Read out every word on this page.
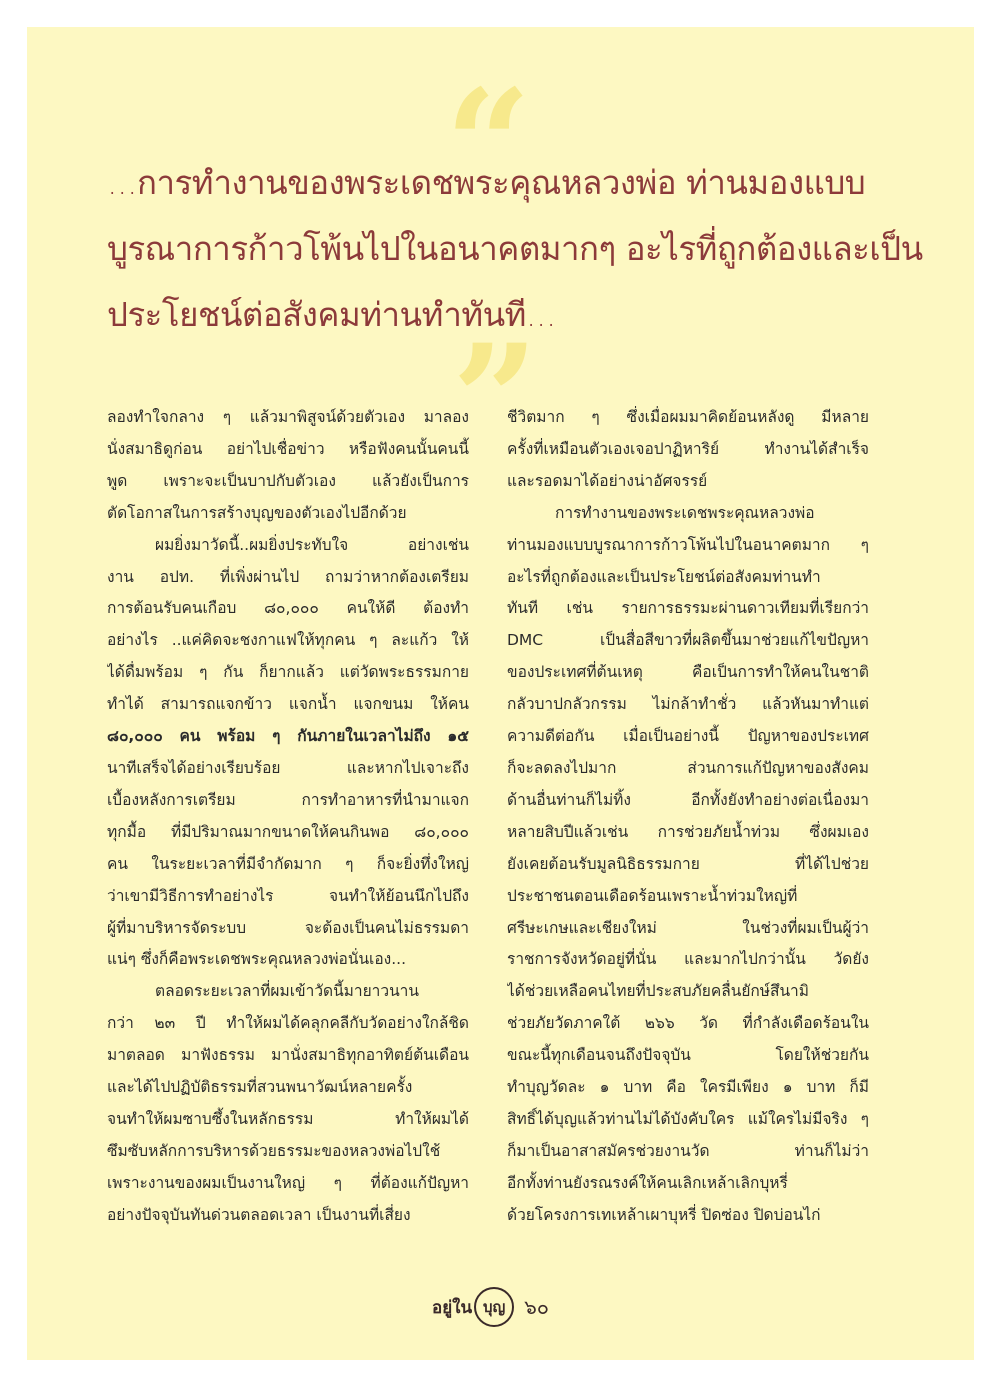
“
...การทำงานของพระเดชพระคุณหลวงพ่อ ท่านมองแบบ
บูรณาการก้าวโพ้นไปในอนาคตมากๆ อะไรที่ถูกต้องและเป็น
ประโยชน์ต่อสังคมท่านทำทันที...
”
ลองทำใจกลาง ๆ แล้วมาพิสูจน์ด้วยตัวเอง มาลอง
นั่งสมาธิดูก่อน อย่าไปเชื่อข่าว หรือฟังคนนั้นคนนี้
พูด เพราะจะเป็นบาปกับตัวเอง แล้วยังเป็นการ
ตัดโอกาสในการสร้างบุญของตัวเองไปอีกด้วย
ผมยิ่งมาวัดนี้..ผมยิ่งประทับใจ อย่างเช่น
งาน อปท. ที่เพิ่งผ่านไป ถามว่าหากต้องเตรียม
การต้อนรับคนเกือบ ๘๐,๐๐๐ คนให้ดี ต้องทำ
อย่างไร ..แค่คิดจะชงกาแฟให้ทุกคน ๆ ละแก้ว ให้
ได้ดื่มพร้อม ๆ กัน ก็ยากแล้ว แต่วัดพระธรรมกาย
ทำได้ สามารถแจกข้าว แจกน้ำ แจกขนม ให้คน
๘๐,๐๐๐ คน พร้อม ๆ กันภายในเวลาไม่ถึง ๑๕
นาทีเสร็จได้อย่างเรียบร้อย และหากไปเจาะถึง
เบื้องหลังการเตรียม การทำอาหารที่นำมาแจก
ทุกมื้อ ที่มีปริมาณมากขนาดให้คนกินพอ ๘๐,๐๐๐
คน ในระยะเวลาที่มีจำกัดมาก ๆ ก็จะยิ่งทึ่งใหญ่
ว่าเขามีวิธีการทำอย่างไร จนทำให้ย้อนนึกไปถึง
ผู้ที่มาบริหารจัดระบบ จะต้องเป็นคนไม่ธรรมดา
แน่ๆ ซึ่งก็คือพระเดชพระคุณหลวงพ่อนั่นเอง...
ตลอดระยะเวลาที่ผมเข้าวัดนี้มายาวนาน
กว่า ๒๓ ปี ทำให้ผมได้คลุกคลีกับวัดอย่างใกล้ชิด
มาตลอด มาฟังธรรม มานั่งสมาธิทุกอาทิตย์ต้นเดือน
และได้ไปปฏิบัติธรรมที่สวนพนาวัฒน์หลายครั้ง
จนทำให้ผมซาบซึ้งในหลักธรรม ทำให้ผมได้
ซึมซับหลักการบริหารด้วยธรรมะของหลวงพ่อไปใช้
เพราะงานของผมเป็นงานใหญ่ ๆ ที่ต้องแก้ปัญหา
อย่างปัจจุบันทันด่วนตลอดเวลา เป็นงานที่เสี่ยง
ชีวิตมาก ๆ ซึ่งเมื่อผมมาคิดย้อนหลังดู มีหลาย
ครั้งที่เหมือนตัวเองเจอปาฏิหาริย์ ทำงานได้สำเร็จ
และรอดมาได้อย่างน่าอัศจรรย์
การทำงานของพระเดชพระคุณหลวงพ่อ
ท่านมองแบบบูรณาการก้าวโพ้นไปในอนาคตมาก ๆ
อะไรที่ถูกต้องและเป็นประโยชน์ต่อสังคมท่านทำ
ทันที เช่น รายการธรรมะผ่านดาวเทียมที่เรียกว่า
DMC เป็นสื่อสีขาวที่ผลิตขึ้นมาช่วยแก้ไขปัญหา
ของประเทศที่ต้นเหตุ คือเป็นการทำให้คนในชาติ
กลัวบาปกลัวกรรม ไม่กล้าทำชั่ว แล้วหันมาทำแต่
ความดีต่อกัน เมื่อเป็นอย่างนี้ ปัญหาของประเทศ
ก็จะลดลงไปมาก ส่วนการแก้ปัญหาของสังคม
ด้านอื่นท่านก็ไม่ทิ้ง อีกทั้งยังทำอย่างต่อเนื่องมา
หลายสิบปีแล้วเช่น การช่วยภัยน้ำท่วม ซึ่งผมเอง
ยังเคยต้อนรับมูลนิธิธรรมกาย ที่ได้ไปช่วย
ประชาชนตอนเดือดร้อนเพราะน้ำท่วมใหญ่ที่
ศรีษะเกษและเชียงใหม่ ในช่วงที่ผมเป็นผู้ว่า
ราชการจังหวัดอยู่ที่นั่น และมากไปกว่านั้น วัดยัง
ได้ช่วยเหลือคนไทยที่ประสบภัยคลื่นยักษ์สึนามิ
ช่วยภัยวัดภาคใต้ ๒๖๖ วัด ที่กำลังเดือดร้อนใน
ขณะนี้ทุกเดือนจนถึงปัจจุบัน โดยให้ช่วยกัน
ทำบุญวัดละ ๑ บาท คือ ใครมีเพียง ๑ บาท ก็มี
สิทธิ์ได้บุญแล้วท่านไม่ได้บังคับใคร แม้ใครไม่มีจริง ๆ
ก็มาเป็นอาสาสมัครช่วยงานวัด ท่านก็ไม่ว่า
อีกทั้งท่านยังรณรงค์ให้คนเลิกเหล้าเลิกบุหรี่
ด้วยโครงการเทเหล้าเผาบุหรี่ ปิดซ่อง ปิดบ่อนไก่
อยู่ใน บุญ ๖๐
